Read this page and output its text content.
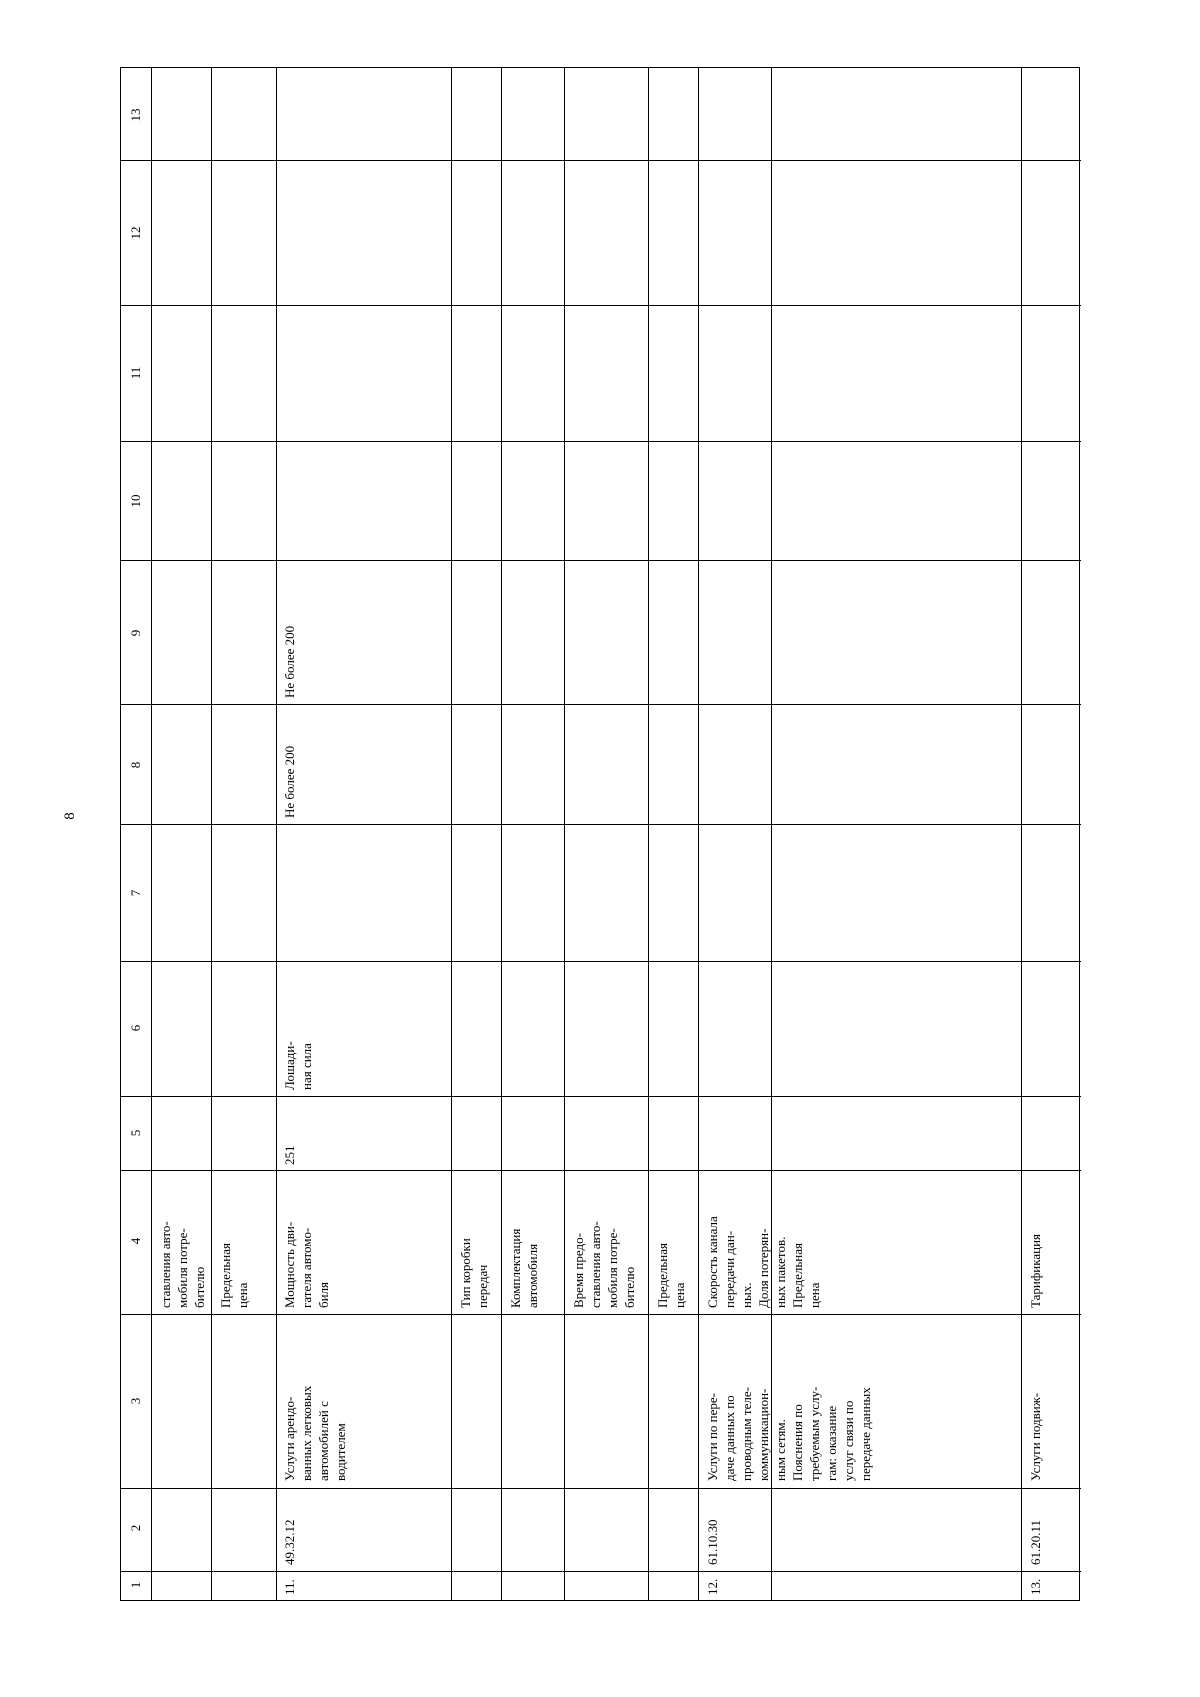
8
13
12
11
10
9
8
7
6
5
4
3
2
1
ставления авто-
мобиля потре-
бителю Предельная
цена
11.
49.32.12
Услуги арендо-
ванных легковых
автомобилей с
водителем
Мощность дви-
гателя автомо-
биля
251
Лошади-
ная сила
Не более 200
Не более 200
Тип коробки
передач Комплектация
автомобиля Время предо-
ставления авто-
мобиля потре-
бителю Предельная
цена
12.
61.10.30
Услуги по пере-
даче данных по
проводным теле-
коммуникацион-
ным сетям.
Пояснения по
требуемым услу-
гам: оказание
услуг связи по
передаче данных
Скорость канала
передачи дан-
ных.
Доля потерян-
ных пакетов.
Предельная
цена
13.
61.20.11
Услуги подвиж-
Тарификация
